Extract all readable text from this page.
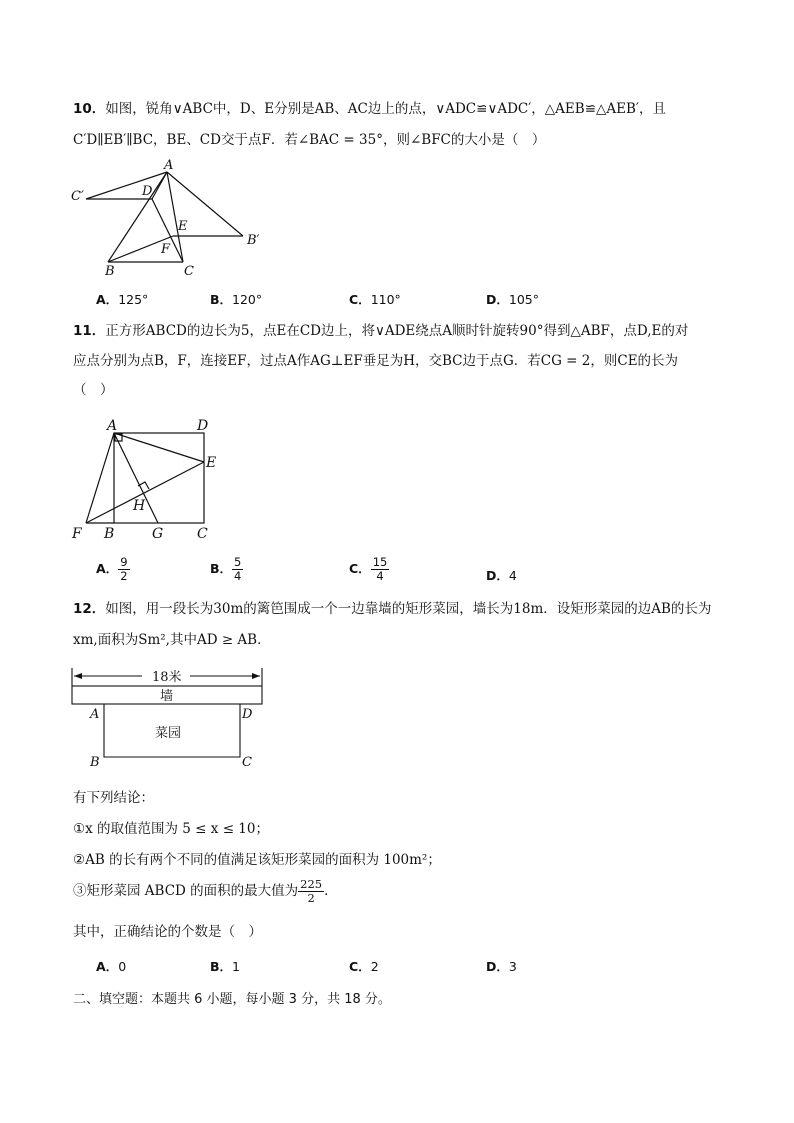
10．如图，锐角∨ABC中，D、E分别是AB、AC边上的点，∨ADC≌∨ADC′，△AEB≌△AEB′，且
C′D∥EB′∥BC，BE、CD交于点F．若∠BAC = 35°，则∠BFC的大小是（　）
A
C′	D
E
B′
F
B	C
A．125°	B．120°	C．110°	D．105°
11．正方形ABCD的边长为5，点E在CD边上，将∨ADE绕点A顺时针旋转90°得到△ABF，点D,E的对
应点分别为点B，F，连接EF，过点A作AG⊥EF垂足为H，交BC边于点G．若CG = 2，则CE的长为
（　）
A	D
E
H
F B	G C
A． $\frac{9}{2}$	B． $\frac{5}{4}$	C． $\frac{15}{4}$	D．4
12．如图，用一段长为30m的篱笆围成一个一边靠墙的矩形菜园，墙长为18m．设矩形菜园的边AB的长为
xm,面积为Sm²,其中AD ≥ AB．
18米
墙
菜园
A	D
B	C
有下列结论：
①x 的取值范围为 5 ≤ x ≤ 10；
②AB 的长有两个不同的值满足该矩形菜园的面积为 100m²；
③矩形菜园 ABCD 的面积的最大值为 $\frac{225}{2}$ ．
其中，正确结论的个数是（　）
A．0	B．1	C．2	D．3
二、填空题：本题共 6 小题，每小题 3 分，共 18 分。
